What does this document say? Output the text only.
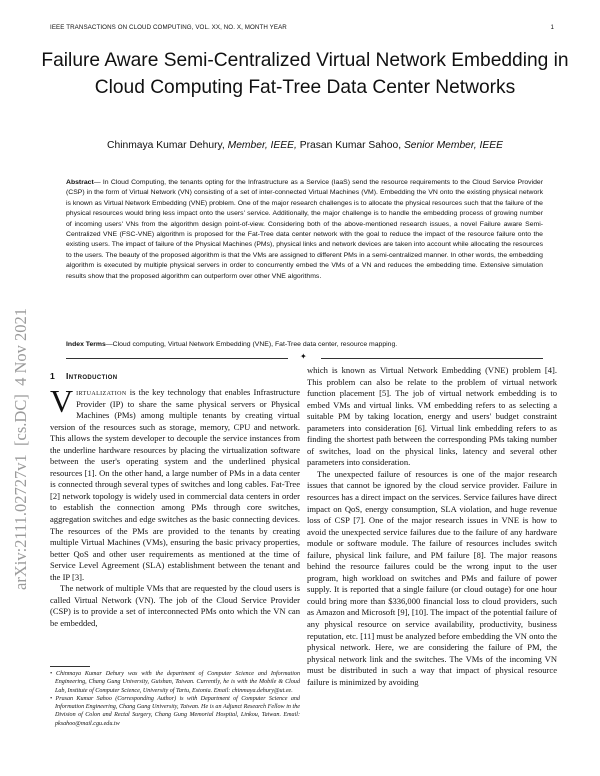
IEEE TRANSACTIONS ON CLOUD COMPUTING, VOL. XX, NO. X, MONTH YEAR	1
arXiv:2111.02727v1  [cs.DC]  4 Nov 2021
Failure Aware Semi-Centralized Virtual Network Embedding in Cloud Computing Fat-Tree Data Center Networks
Chinmaya Kumar Dehury, Member, IEEE, Prasan Kumar Sahoo, Senior Member, IEEE
Abstract— In Cloud Computing, the tenants opting for the Infrastructure as a Service (IaaS) send the resource requirements to the Cloud Service Provider (CSP) in the form of Virtual Network (VN) consisting of a set of inter-connected Virtual Machines (VM). Embedding the VN onto the existing physical network is known as Virtual Network Embedding (VNE) problem. One of the major research challenges is to allocate the physical resources such that the failure of the physical resources would bring less impact onto the users' service. Additionally, the major challenge is to handle the embedding process of growing number of incoming users' VNs from the algorithm design point-of-view. Considering both of the above-mentioned research issues, a novel Failure aware Semi-Centralized VNE (FSC-VNE) algorithm is proposed for the Fat-Tree data center network with the goal to reduce the impact of the resource failure onto the existing users. The impact of failure of the Physical Machines (PMs), physical links and network devices are taken into account while allocating the resources to the users. The beauty of the proposed algorithm is that the VMs are assigned to different PMs in a semi-centralized manner. In other words, the embedding algorithm is executed by multiple physical servers in order to concurrently embed the VMs of a VN and reduces the embedding time. Extensive simulation results show that the proposed algorithm can outperform over other VNE algorithms.
Index Terms—Cloud computing, Virtual Network Embedding (VNE), Fat-Tree data center, resource mapping.
✦
1 Introduction

Virtualization is the key technology that enables Infrastructure Provider (IP) to share the same physical servers or Physical Machines (PMs) among multiple tenants by creating virtual version of the resources such as storage, memory, CPU and network. This allows the system developer to decouple the service instances from the underline hardware resources by placing the virtualization software between the user's operating system and the underlined physical resources [1]. On the other hand, a large number of PMs in a data center is connected through several types of switches and long cables. Fat-Tree [2] network topology is widely used in commercial data centers in order to establish the connection among PMs through core switches, aggregation switches and edge switches as the basic connecting devices. The resources of the PMs are provided to the tenants by creating multiple Virtual Machines (VMs), ensuring the basic privacy properties, better QoS and other user requirements as mentioned at the time of Service Level Agreement (SLA) establishment between the tenant and the IP [3].

The network of multiple VMs that are requested by the cloud users is called Virtual Network (VN). The job of the Cloud Service Provider (CSP) is to provide a set of interconnected PMs onto which the VN can be embedded,

which is known as Virtual Network Embedding (VNE) problem [4]. This problem can also be relate to the problem of virtual network function placement [5]. The job of virtual network embedding is to embed VMs and virtual links. VM embedding refers to as selecting a suitable PM by taking location, energy and users' budget constraint parameters into consideration [6]. Virtual link embedding refers to as finding the shortest path between the corresponding PMs taking number of switches, load on the physical links, latency and several other parameters into consideration.

The unexpected failure of resources is one of the major research issues that cannot be ignored by the cloud service provider. Failure in resources has a direct impact on the services. Service failures have direct impact on QoS, energy consumption, SLA violation, and huge revenue loss of CSP [7]. One of the major research issues in VNE is how to avoid the unexpected service failures due to the failure of any hardware module or software module. The failure of resources includes switch failure, physical link failure, and PM failure [8]. The major reasons behind the resource failures could be the wrong input to the user program, high workload on switches and PMs and failure of power supply. It is reported that a single failure (or cloud outage) for one hour could bring more than $336,000 financial loss to cloud providers, such as Amazon and Microsoft [9], [10]. The impact of the potential failure of any physical resource on service availability, productivity, business reputation, etc. [11] must be analyzed before embedding the VN onto the physical network. Here, we are considering the failure of PM, the physical network link and the switches. The VMs of the incoming VN must be distributed in such a way that impact of physical resource failure is minimized by avoiding

• Chinmaya Kumar Dehury was with the department of Computer Science and Information Engineering, Chang Gung University, Guishan, Taiwan. Currently, he is with the Mobile & Cloud Lab, Institute of Computer Science, University of Tartu, Estonia. Email: chinmaya.dehury@ut.ee.
• Prasan Kumar Sahoo (Corresponding Author) is with Department of Computer Science and Information Engineering, Chang Gung University, Taiwan. He is an Adjunct Research Fellow in the Division of Colon and Rectal Surgery, Chang Gung Memorial Hospital, Linkou, Taiwan. Email: pksahoo@mail.cgu.edu.tw
